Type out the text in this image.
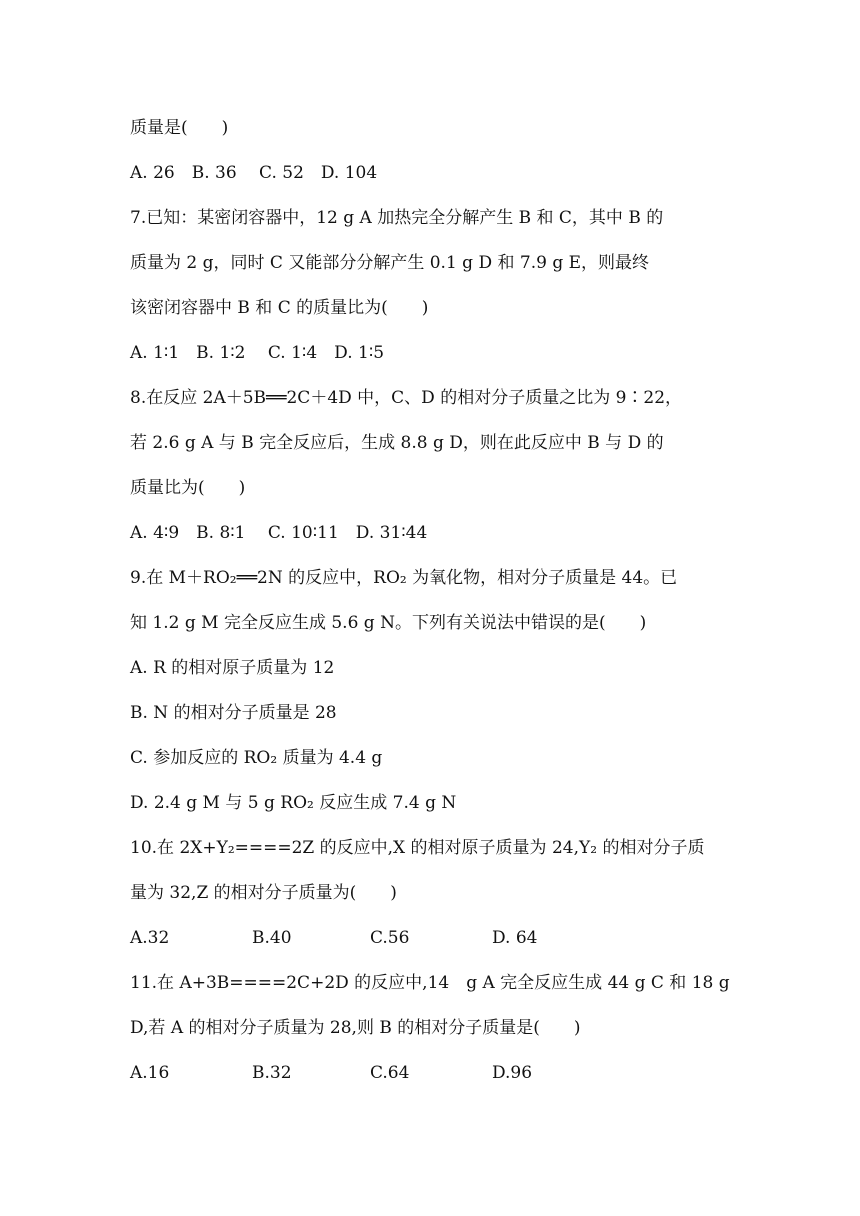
质量是(　　)
A. 26　B. 36　 C. 52　D. 104
7.已知：某密闭容器中，12 g A 加热完全分解产生 B 和 C，其中 B 的
质量为 2 g，同时 C 又能部分分解产生 0.1 g D 和 7.9 g E，则最终
该密闭容器中 B 和 C 的质量比为(　　)
A. 1∶1　B. 1∶2　 C. 1∶4　D. 1∶5
8.在反应 2A＋5B══2C＋4D 中，C、D 的相对分子质量之比为 9∶22，
若 2.6 g A 与 B 完全反应后，生成 8.8 g D，则在此反应中 B 与 D 的
质量比为(　　)
A. 4∶9　B. 8∶1　 C. 10∶11　D. 31∶44
9.在 M＋RO₂══2N 的反应中，RO₂ 为氧化物，相对分子质量是 44。已
知 1.2 g M 完全反应生成 5.6 g N。下列有关说法中错误的是(　　)
A. R 的相对原子质量为 12
B. N 的相对分子质量是 28
C. 参加反应的 RO₂ 质量为 4.4 g
D. 2.4 g M 与 5 g RO₂ 反应生成 7.4 g N
10.在 2X+Y₂====2Z 的反应中,X 的相对原子质量为 24,Y₂ 的相对分子质
量为 32,Z 的相对分子质量为(　　)
A.32	B.40	C.56	D. 64
11.在 A+3B====2C+2D 的反应中,14　g A 完全反应生成 44 g C 和 18 g
D,若 A 的相对分子质量为 28,则 B 的相对分子质量是(　　)
A.16	B.32	C.64	D.96
